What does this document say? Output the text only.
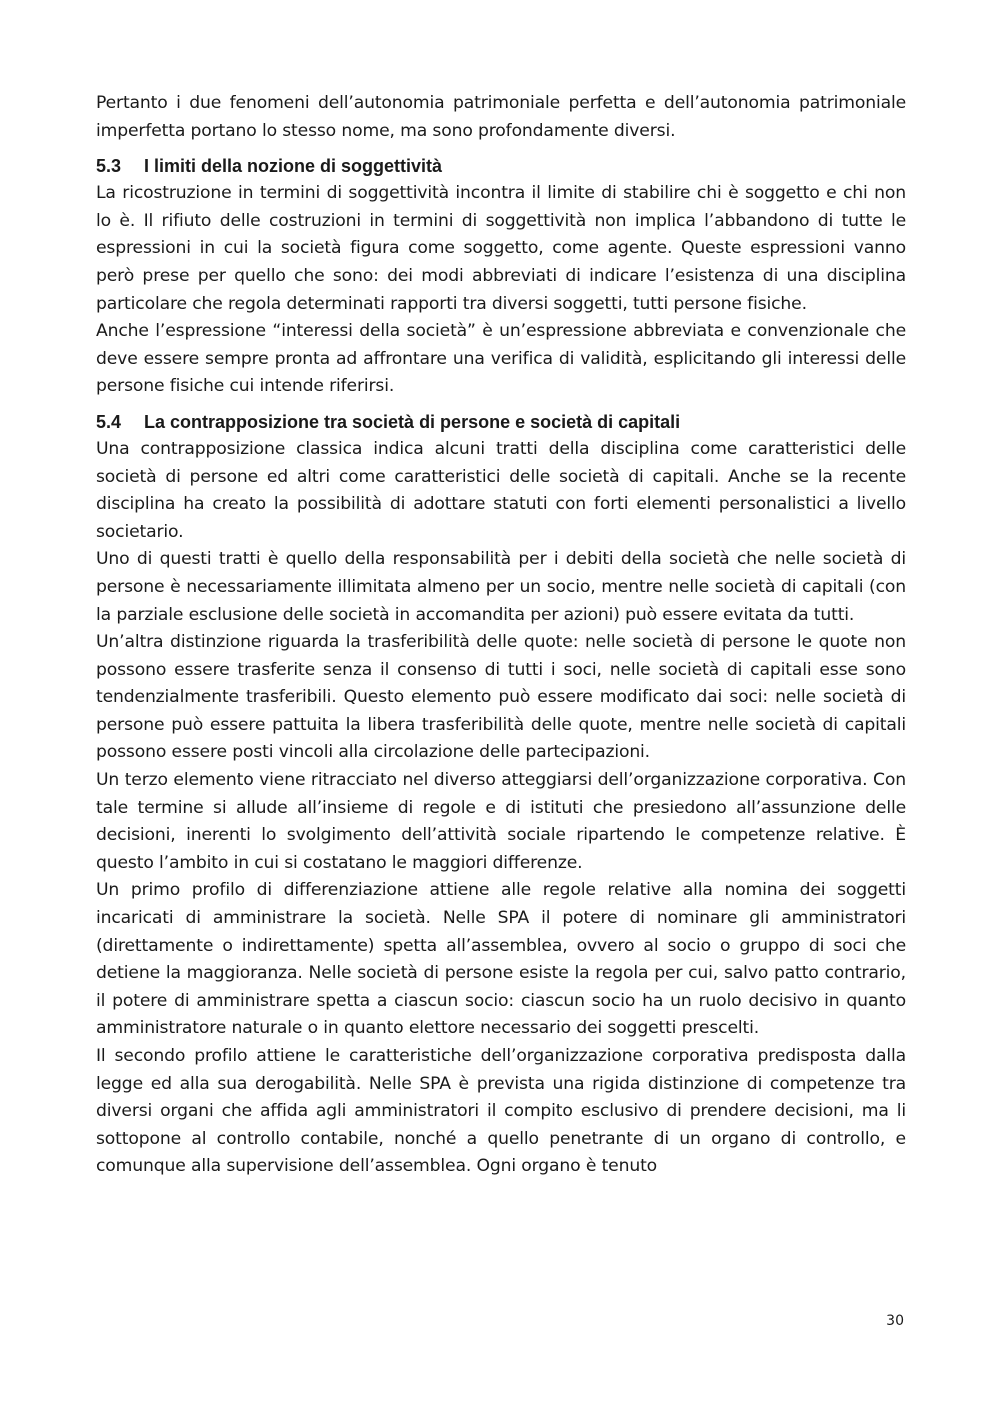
Pertanto i due fenomeni dell’autonomia patrimoniale perfetta e dell’autonomia patrimoniale imperfetta portano lo stesso nome, ma sono profondamente diversi.

5.3	I limiti della nozione di soggettività

La ricostruzione in termini di soggettività incontra il limite di stabilire chi è soggetto e chi non lo è. Il rifiuto delle costruzioni in termini di soggettività non implica l’abbandono di tutte le espressioni in cui la società figura come soggetto, come agente. Queste espressioni vanno però prese per quello che sono: dei modi abbreviati di indicare l’esistenza di una disciplina particolare che regola determinati rapporti tra diversi soggetti, tutti persone fisiche.

Anche l’espressione “interessi della società” è un’espressione abbreviata e convenzionale che deve essere sempre pronta ad affrontare una verifica di validità, esplicitando gli interessi delle persone fisiche cui intende riferirsi.

5.4	La contrapposizione tra società di persone e società di capitali

Una contrapposizione classica indica alcuni tratti della disciplina come caratteristici delle società di persone ed altri come caratteristici delle società di capitali. Anche se la recente disciplina ha creato la possibilità di adottare statuti con forti elementi personalistici a livello societario.

Uno di questi tratti è quello della responsabilità per i debiti della società che nelle società di persone è necessariamente illimitata almeno per un socio, mentre nelle società di capitali (con la parziale esclusione delle società in accomandita per azioni) può essere evitata da tutti.

Un’altra distinzione riguarda la trasferibilità delle quote: nelle società di persone le quote non possono essere trasferite senza il consenso di tutti i soci, nelle società di capitali esse sono tendenzialmente trasferibili. Questo elemento può essere modificato dai soci: nelle società di persone può essere pattuita la libera trasferibilità delle quote, mentre nelle società di capitali possono essere posti vincoli alla circolazione delle partecipazioni.

Un terzo elemento viene ritracciato nel diverso atteggiarsi dell’organizzazione corporativa. Con tale termine si allude all’insieme di regole e di istituti che presiedono all’assunzione delle decisioni, inerenti lo svolgimento dell’attività sociale ripartendo le competenze relative. È questo l’ambito in cui si costatano le maggiori differenze.

Un primo profilo di differenziazione attiene alle regole relative alla nomina dei soggetti incaricati di amministrare la società. Nelle SPA il potere di nominare gli amministratori (direttamente o indirettamente) spetta all’assemblea, ovvero al socio o gruppo di soci che detiene la maggioranza. Nelle società di persone esiste la regola per cui, salvo patto contrario, il potere di amministrare spetta a ciascun socio: ciascun socio ha un ruolo decisivo in quanto amministratore naturale o in quanto elettore necessario dei soggetti prescelti.

Il secondo profilo attiene le caratteristiche dell’organizzazione corporativa predisposta dalla legge ed alla sua derogabilità. Nelle SPA è prevista una rigida distinzione di competenze tra diversi organi che affida agli amministratori il compito esclusivo di prendere decisioni, ma li sottopone al controllo contabile, nonché a quello penetrante di un organo di controllo, e comunque alla supervisione dell’assemblea. Ogni organo è tenuto

30
